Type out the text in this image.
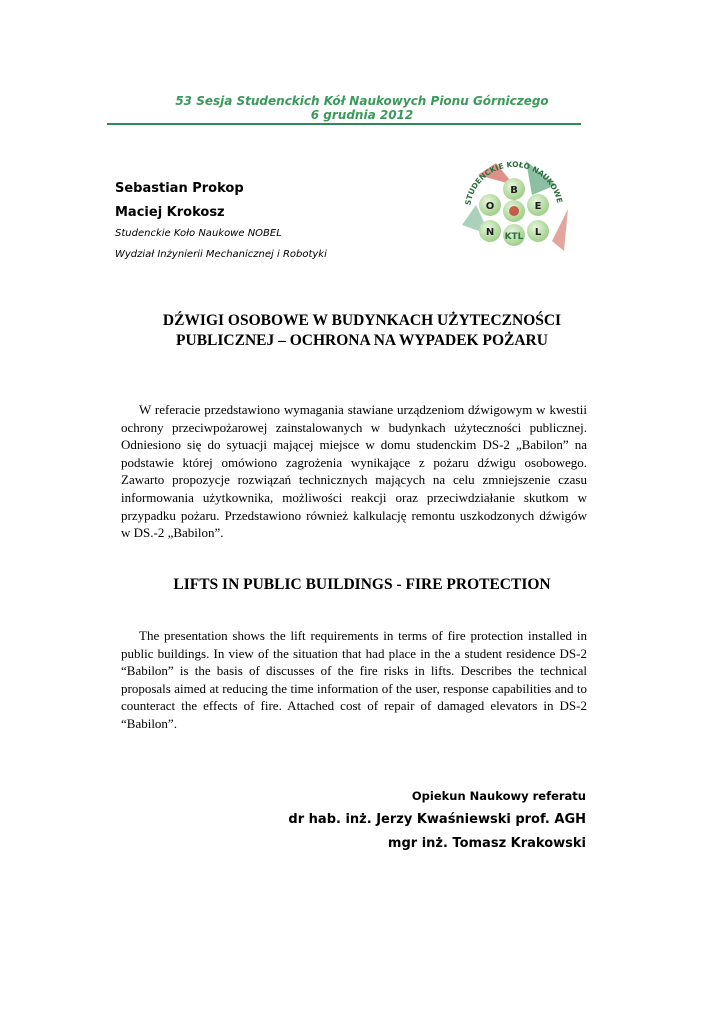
53 Sesja Studenckich Kół Naukowych Pionu Górniczego
6 grudnia 2012
Sebastian Prokop
Maciej Krokosz
Studenckie Koło Naukowe NOBEL
Wydział Inżynierii Mechanicznej i Robotyki
STUDENCKIE KOŁO NAUKOWE
N
O
B
E
L
KTL
DŹWIGI OSOBOWE W BUDYNKACH UŻYTECZNOŚCI
PUBLICZNEJ – OCHRONA NA WYPADEK POŻARU

W referacie przedstawiono wymagania stawiane urządzeniom dźwigowym w kwestii ochrony przeciwpożarowej zainstalowanych w budynkach użyteczności publicznej. Odniesiono się do sytuacji mającej miejsce w domu studenckim DS-2 „Babilon” na podstawie której omówiono zagrożenia wynikające z pożaru dźwigu osobowego. Zawarto propozycje rozwiązań technicznych mających na celu zmniejszenie czasu informowania użytkownika, możliwości reakcji oraz przeciwdziałanie skutkom w przypadku pożaru. Przedstawiono również kalkulację remontu uszkodzonych dźwigów w DS.-2 „Babilon”.

LIFTS IN PUBLIC BUILDINGS - FIRE PROTECTION

The presentation shows the lift requirements in terms of fire protection installed in public buildings. In view of the situation that had place in the a student residence DS-2 “Babilon” is the basis of discusses of the fire risks in lifts. Describes the technical proposals aimed at reducing the time information of the user, response capabilities and to counteract the effects of fire. Attached cost of repair of damaged elevators in DS-2 “Babilon”.

Opiekun Naukowy referatu
dr hab. inż. Jerzy Kwaśniewski prof. AGH
mgr inż. Tomasz Krakowski
